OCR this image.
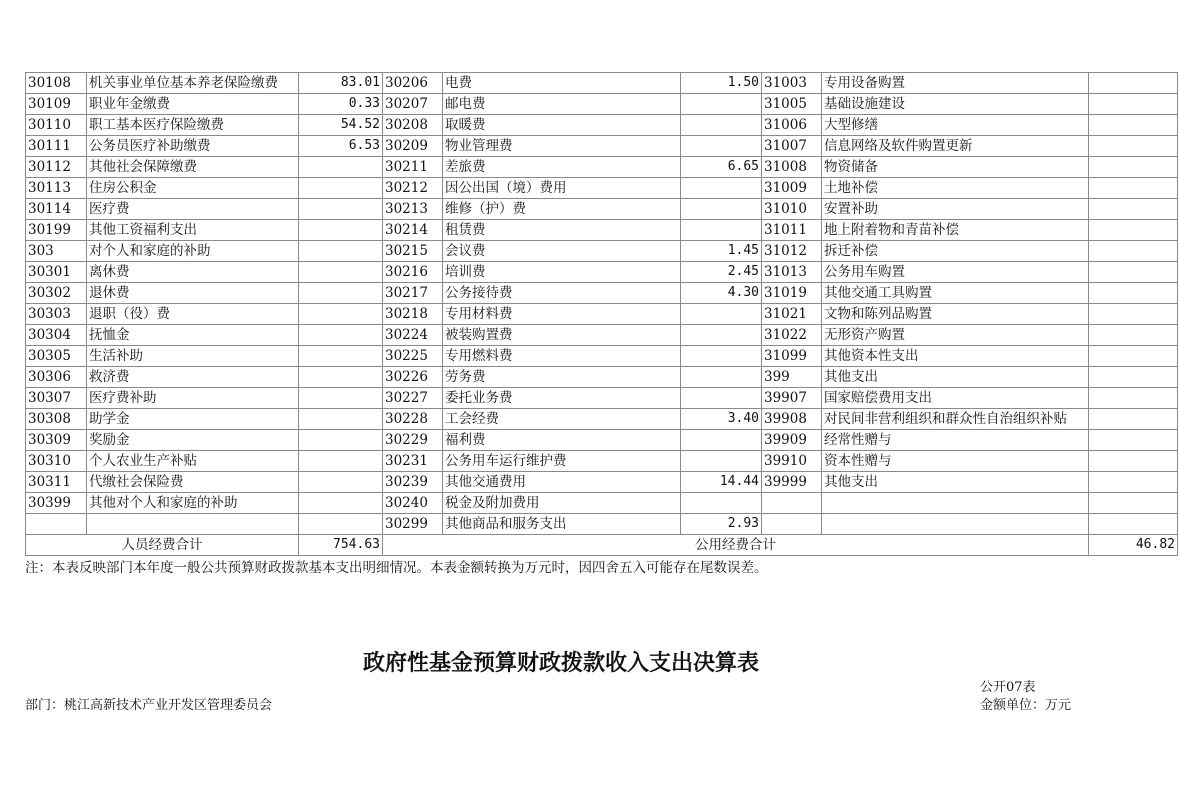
30108	机关事业单位基本养老保险缴费	83.01	30206	电费	1.50	31003	专用设备购置	
30109	职业年金缴费	0.33	30207	邮电费		31005	基础设施建设	
30110	职工基本医疗保险缴费	54.52	30208	取暖费		31006	大型修缮	
30111	公务员医疗补助缴费	6.53	30209	物业管理费		31007	信息网络及软件购置更新	
30112	其他社会保障缴费		30211	差旅费	6.65	31008	物资储备	
30113	住房公积金		30212	因公出国（境）费用		31009	土地补偿	
30114	医疗费		30213	维修（护）费		31010	安置补助	
30199	其他工资福利支出		30214	租赁费		31011	地上附着物和青苗补偿	
303	对个人和家庭的补助		30215	会议费	1.45	31012	拆迁补偿	
30301	离休费		30216	培训费	2.45	31013	公务用车购置	
30302	退休费		30217	公务接待费	4.30	31019	其他交通工具购置	
30303	退职（役）费		30218	专用材料费		31021	文物和陈列品购置	
30304	抚恤金		30224	被装购置费		31022	无形资产购置	
30305	生活补助		30225	专用燃料费		31099	其他资本性支出	
30306	救济费		30226	劳务费		399	其他支出	
30307	医疗费补助		30227	委托业务费		39907	国家赔偿费用支出	
30308	助学金		30228	工会经费	3.40	39908	对民间非营利组织和群众性自治组织补贴	
30309	奖励金		30229	福利费		39909	经常性赠与	
30310	个人农业生产补贴		30231	公务用车运行维护费		39910	资本性赠与	
30311	代缴社会保险费		30239	其他交通费用	14.44	39999	其他支出	
30399	其他对个人和家庭的补助		30240	税金及附加费用				
			30299	其他商品和服务支出	2.93			
人员经费合计		754.63	公用经费合计					46.82
注：本表反映部门本年度一般公共预算财政拨款基本支出明细情况。本表金额转换为万元时，因四舍五入可能存在尾数误差。
政府性基金预算财政拨款收入支出决算表
公开07表
部门：桃江高新技术产业开发区管理委员会	金额单位：万元
